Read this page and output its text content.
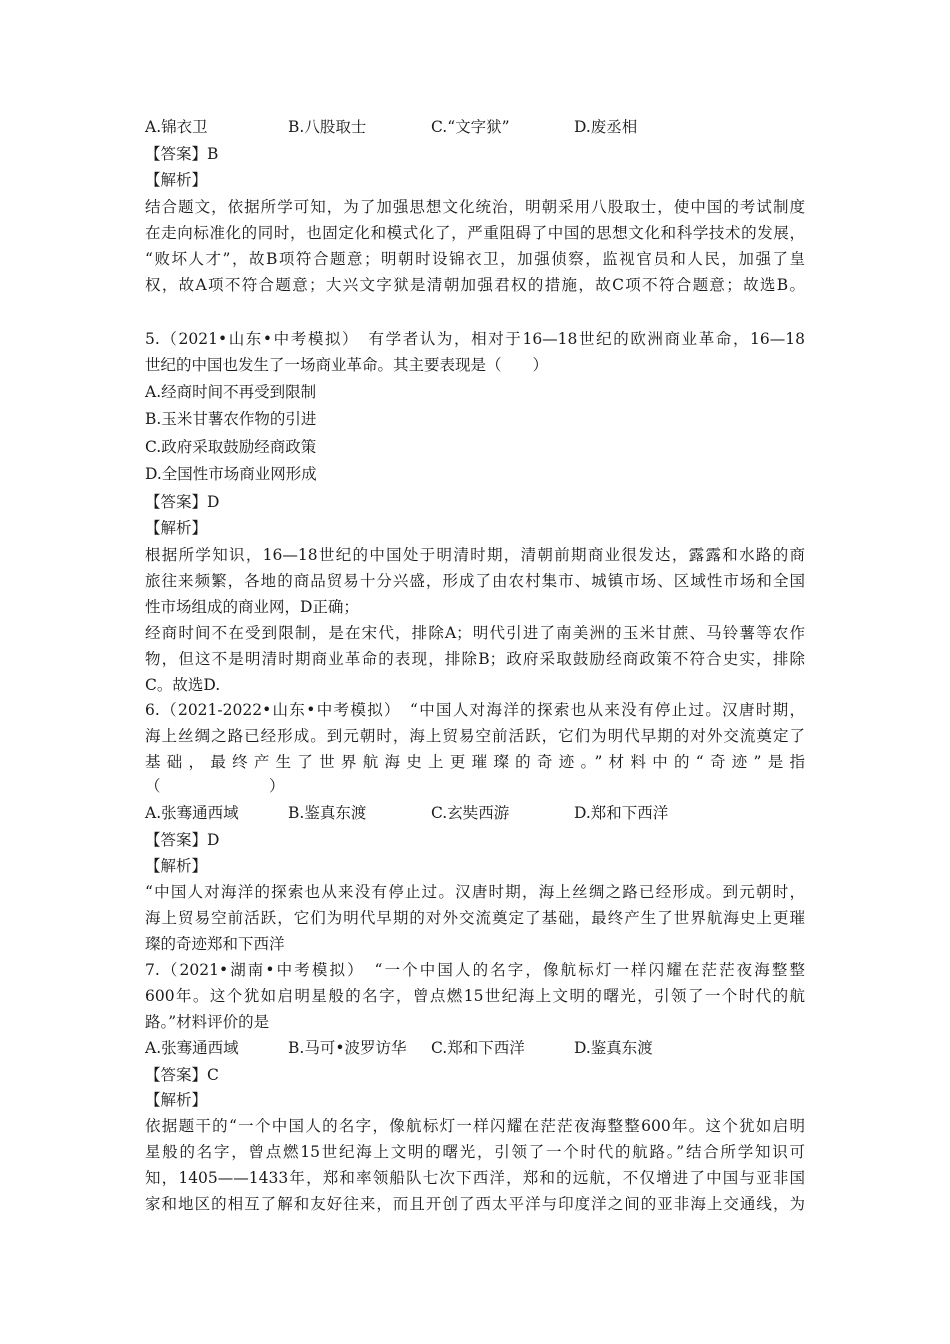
A.锦衣卫	B.八股取士	C.“文字狱”	D.废丞相
【答案】B
【解析】
结合题文，依据所学可知，为了加强思想文化统治，明朝采用八股取士，使中国的考试制度
在走向标准化的同时，也固定化和模式化了，严重阻碍了中国的思想文化和科学技术的发展，
“败坏人才”，故B项符合题意；明朝时设锦衣卫，加强侦察，监视官员和人民，加强了皇
权，故A项不符合题意；大兴文字狱是清朝加强君权的措施，故C项不符合题意；故选B。
5.（2021•山东•中考模拟）　有学者认为，相对于16—18世纪的欧洲商业革命，16—18
世纪的中国也发生了一场商业革命。其主要表现是（　　）
A.经商时间不再受到限制
B.玉米甘薯农作物的引进
C.政府采取鼓励经商政策
D.全国性市场商业网形成
【答案】D
【解析】
根据所学知识，16—18世纪的中国处于明清时期，清朝前期商业很发达，露露和水路的商
旅往来频繁，各地的商品贸易十分兴盛，形成了由农村集市、城镇市场、区域性市场和全国
性市场组成的商业网，D正确；
经商时间不在受到限制，是在宋代，排除A；明代引进了南美洲的玉米甘蔗、马铃薯等农作
物，但这不是明清时期商业革命的表现，排除B；政府采取鼓励经商政策不符合史实，排除
C。故选D.
6.（2021-2022•山东•中考模拟）　“中国人对海洋的探索也从来没有停止过。汉唐时期，
海上丝绸之路已经形成。到元朝时，海上贸易空前活跃，它们为明代早期的对外交流奠定了
基础，最终产生了世界航海史上更璀璨的奇迹。”材料中的“奇迹”是指
（　　　　　　　）
A.张骞通西域	B.鉴真东渡	C.玄奘西游	D.郑和下西洋
【答案】D
【解析】
“中国人对海洋的探索也从来没有停止过。汉唐时期，海上丝绸之路已经形成。到元朝时，
海上贸易空前活跃，它们为明代早期的对外交流奠定了基础，最终产生了世界航海史上更璀
璨的奇迹郑和下西洋
7.（2021•湖南•中考模拟）　“一个中国人的名字，像航标灯一样闪耀在茫茫夜海整整
600年。这个犹如启明星般的名字，曾点燃15世纪海上文明的曙光，引领了一个时代的航
路。”材料评价的是
A.张骞通西域	B.马可•波罗访华 C.郑和下西洋	D.鉴真东渡
【答案】C
【解析】
依据题干的“一个中国人的名字，像航标灯一样闪耀在茫茫夜海整整600年。这个犹如启明
星般的名字，曾点燃15世纪海上文明的曙光，引领了一个时代的航路。”结合所学知识可
知，1405——1433年，郑和率领船队七次下西洋，郑和的远航，不仅增进了中国与亚非国
家和地区的相互了解和友好往来，而且开创了西太平洋与印度洋之间的亚非海上交通线，为
